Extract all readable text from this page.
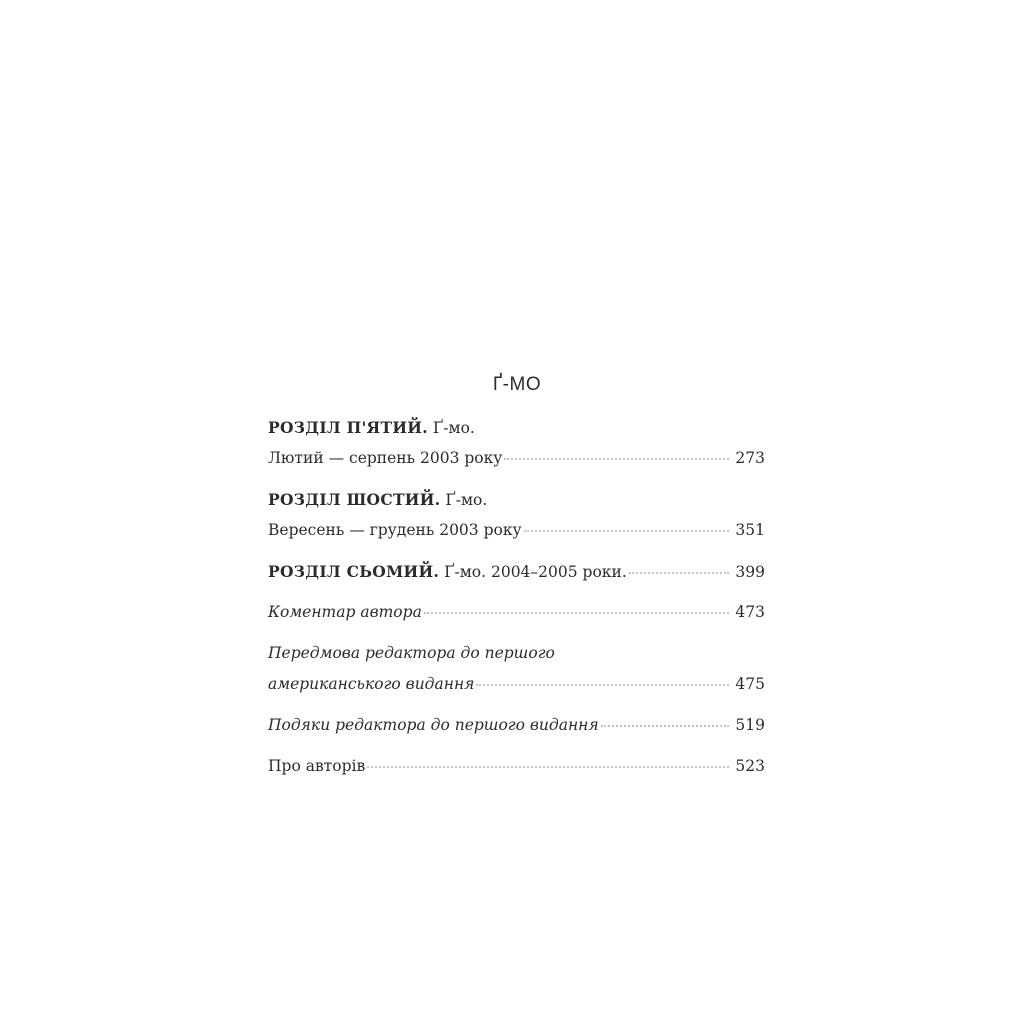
Ґ-МО
РОЗДІЛ П'ЯТИЙ. Ґ-мо.
Лютий — серпень 2003 року	273
РОЗДІЛ ШОСТИЙ. Ґ-мо.
Вересень — грудень 2003 року	351
РОЗДІЛ СЬОМИЙ. Ґ-мо. 2004–2005 роки.	399
Коментар автора	473
Передмова редактора до першого
американського видання	475
Подяки редактора до першого видання	519
Про авторів	523
